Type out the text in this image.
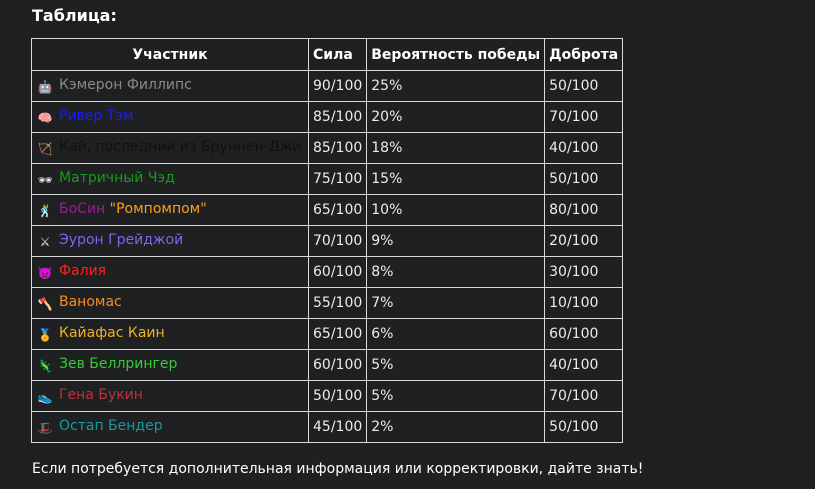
Таблица:
Участник	Сила	Вероятность победы	Доброта
🤖 Кэмерон Филлипс	90/100	25%	50/100
🧠 Ривер Тэм	85/100	20%	70/100
🏹 Кай, последний из Бруннен-Джи	85/100	18%	40/100
🕶 Матричный Чэд	75/100	15%	50/100
🕺 БоСин "Ромпомпом"	65/100	10%	80/100
⚔ Эурон Грейджой	70/100	9%	20/100
👿 Фалия	60/100	8%	30/100
🪓 Ваномас	55/100	7%	10/100
🏅 Кайафас Каин	65/100	6%	60/100
🦎 Зев Беллрингер	60/100	5%	40/100
👟 Гена Букин	50/100	5%	70/100
🎩 Остап Бендер	45/100	2%	50/100
Если потребуется дополнительная информация или корректировки, дайте знать!
